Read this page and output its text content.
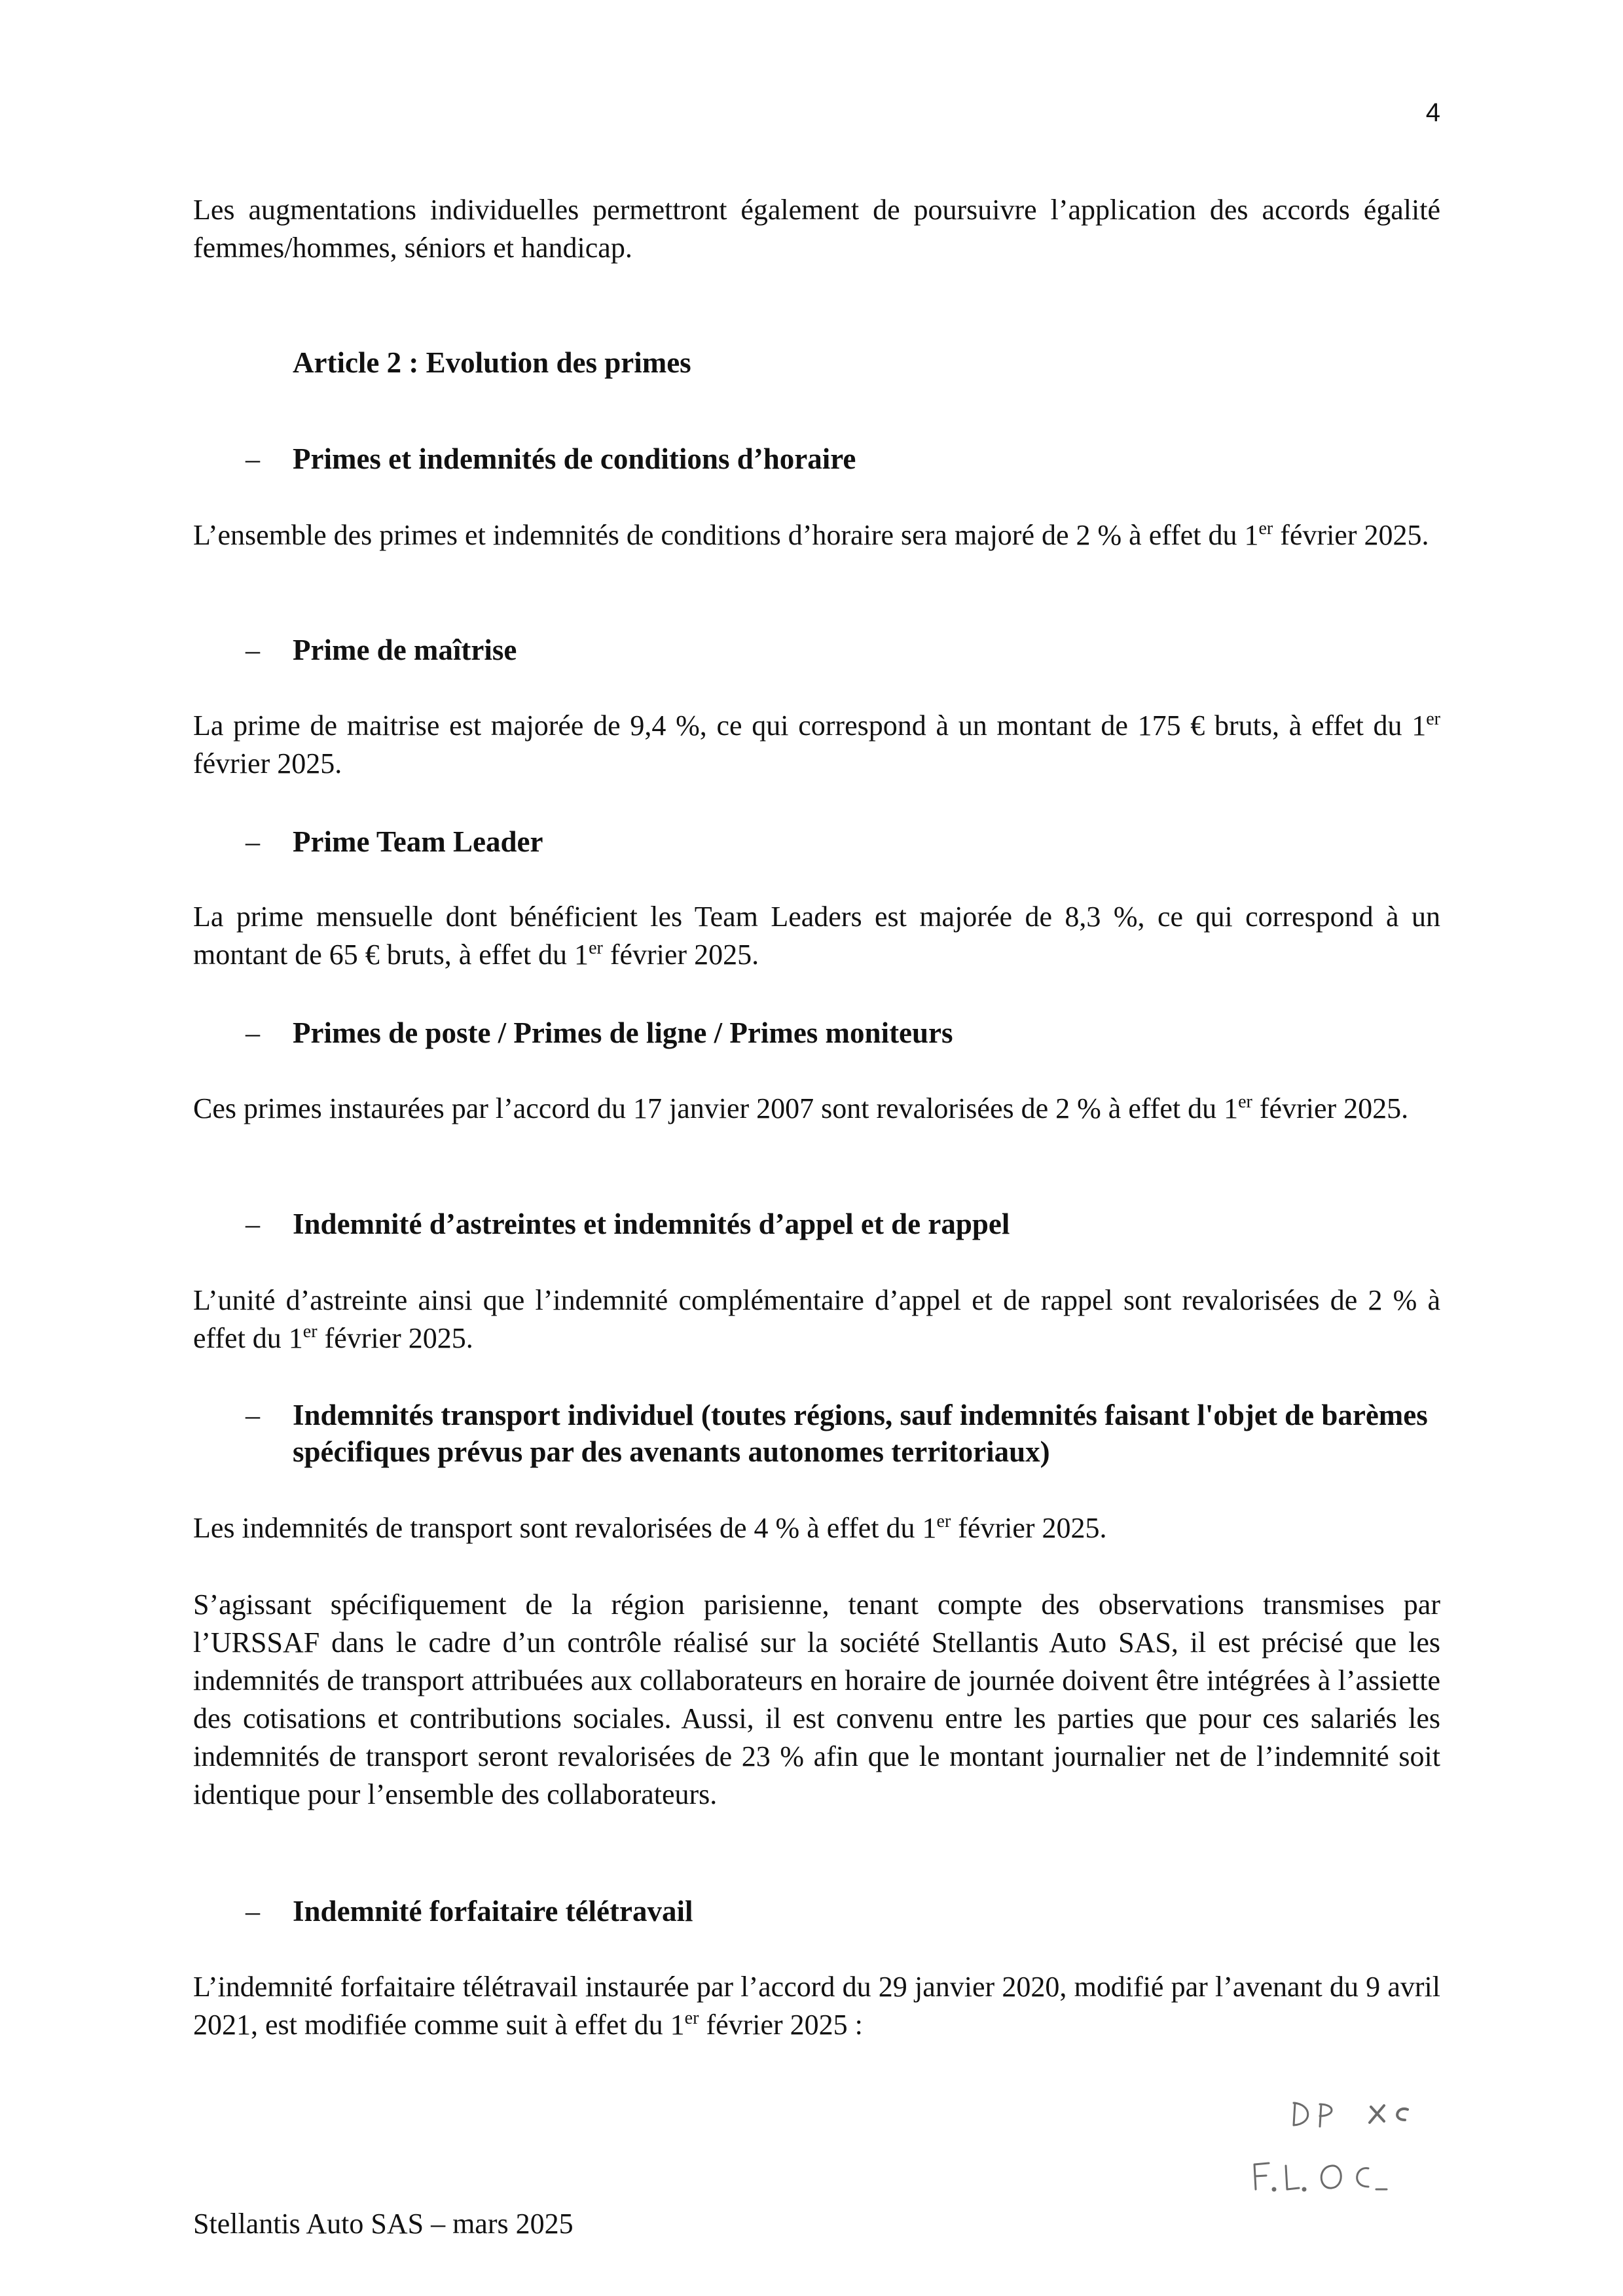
4

Les augmentations individuelles permettront également de poursuivre l’application des accords égalité femmes/hommes, séniors et handicap.

Article 2 : Evolution des primes
– Primes et indemnités de conditions d’horaire

L’ensemble des primes et indemnités de conditions d’horaire sera majoré de 2 % à effet du 1er février 2025.

– Prime de maîtrise

La prime de maitrise est majorée de 9,4 %, ce qui correspond à un montant de 175 € bruts, à effet du 1er février 2025.

– Prime Team Leader

La prime mensuelle dont bénéficient les Team Leaders est majorée de 8,3 %, ce qui correspond à un montant de 65 € bruts, à effet du 1er février 2025.

– Primes de poste / Primes de ligne / Primes moniteurs

Ces primes instaurées par l’accord du 17 janvier 2007 sont revalorisées de 2 % à effet du 1er février 2025.

– Indemnité d’astreintes et indemnités d’appel et de rappel

L’unité d’astreinte ainsi que l’indemnité complémentaire d’appel et de rappel sont revalorisées de 2 % à effet du 1er février 2025.

– Indemnités transport individuel (toutes régions, sauf indemnités faisant l'objet de barèmes spécifiques prévus par des avenants autonomes territoriaux)

Les indemnités de transport sont revalorisées de 4 % à effet du 1er février 2025.

S’agissant spécifiquement de la région parisienne, tenant compte des observations transmises par l’URSSAF dans le cadre d’un contrôle réalisé sur la société Stellantis Auto SAS, il est précisé que les indemnités de transport attribuées aux collaborateurs en horaire de journée doivent être intégrées à l’assiette des cotisations et contributions sociales. Aussi, il est convenu entre les parties que pour ces salariés les indemnités de transport seront revalorisées de 23 % afin que le montant journalier net de l’indemnité soit identique pour l’ensemble des collaborateurs.

– Indemnité forfaitaire télétravail

L’indemnité forfaitaire télétravail instaurée par l’accord du 29 janvier 2020, modifié par l’avenant du 9 avril 2021, est modifiée comme suit à effet du 1er février 2025 :

Stellantis Auto SAS – mars 2025
